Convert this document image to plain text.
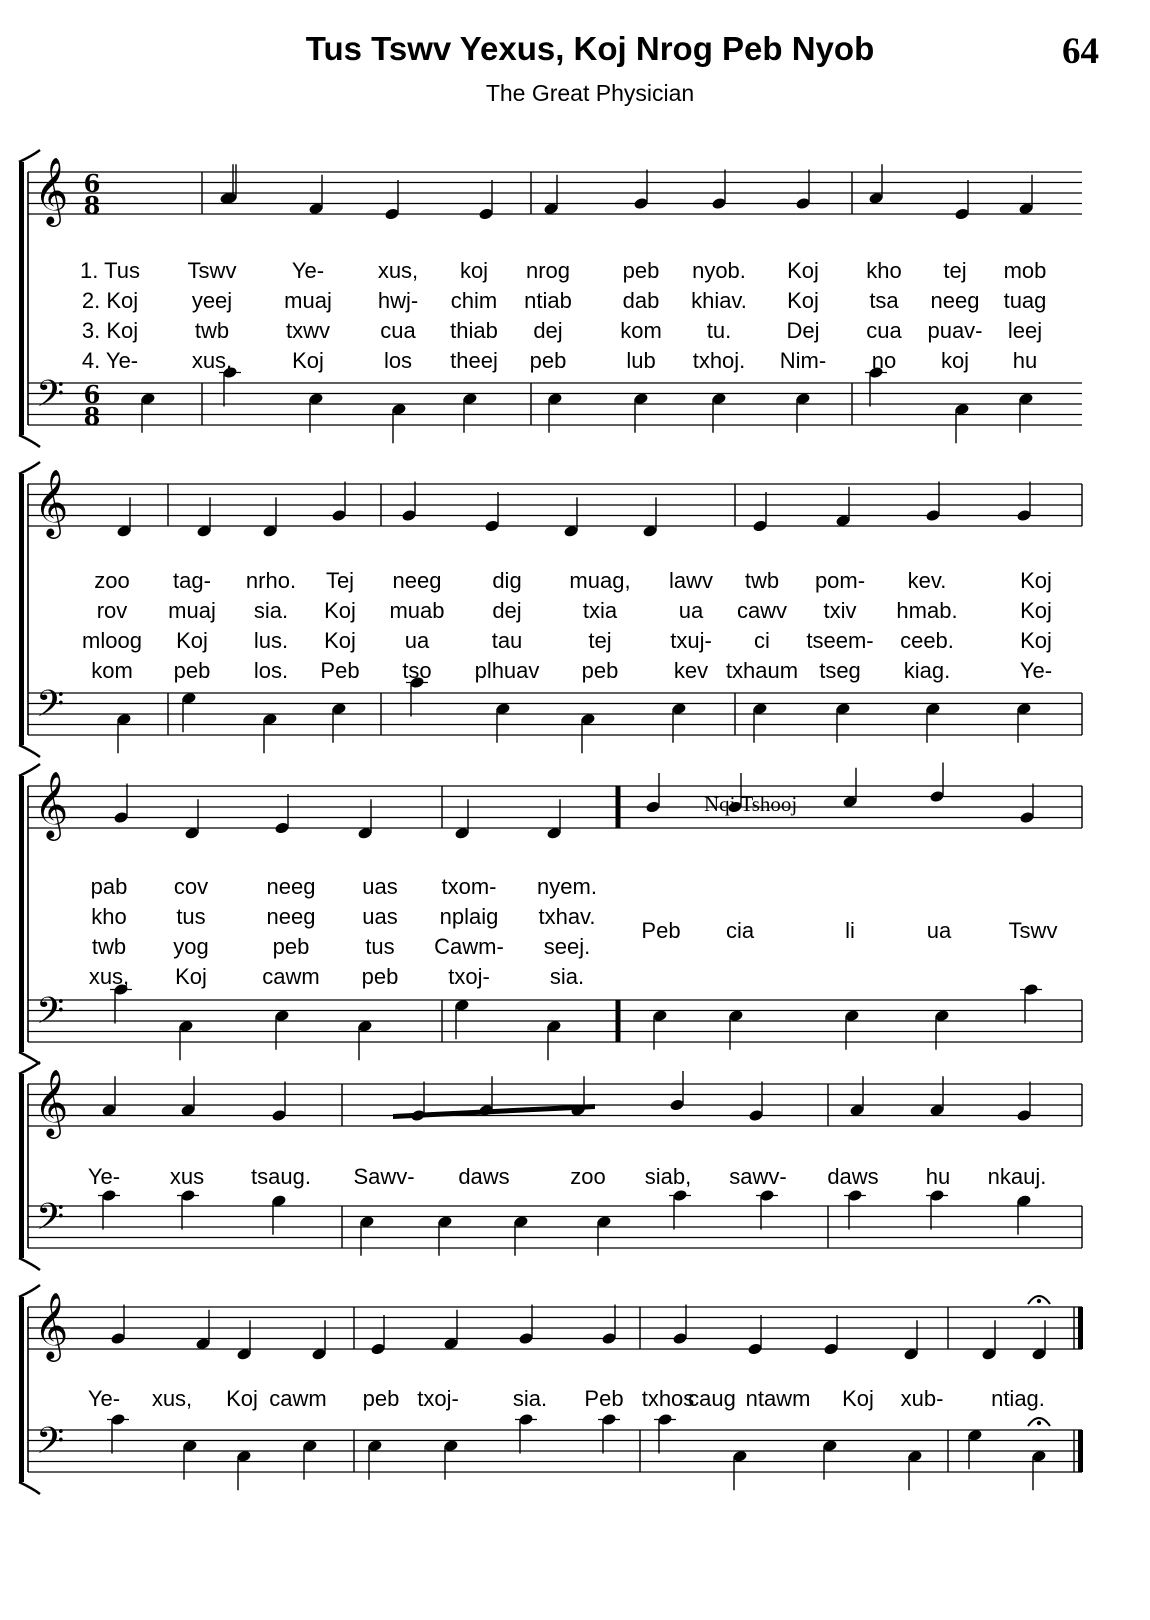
Tus Tswv Yexus, Koj Nrog Peb Nyob
The Great Physician
64
𝄞
𝄢
6
8
6
8
𝄞
𝄢
𝄞
𝄢
𝄞
𝄢
𝄞
𝄢
Nqi Tshooj
1. Tus Tswv	Ye- xus, koj nrog peb nyob. Koj kho tej mob
2. Koj yeej muaj hwj- chim ntiab dab khiav. Koj tsa neeg tuag
3. Koj	twb	txwv cua thiab dej	kom tu.	Dej cua puav- leej
4. Ye- xus,	Koj	los theej peb	lub txhoj. Nim- no koj hu
zoo tag- nrho. Tej neeg dig muag, lawv twb pom- kev.	Koj
rov muaj sia. Koj muab dej	txia	ua cawv txiv hmab.	Koj
mloog Koj lus. Koj ua	tau	tej	txuj- ci tseem- ceeb.	Koj
kom peb los. Peb tso plhuav peb	kev txhaum tseg kiag.	Ye-
pab cov	neeg uas txom- nyem.
kho tus	neeg uas nplaig txhav.
twb yog	peb	tus Cawm- seej.
xus, Koj	cawm peb txoj-	sia.
Peb cia	li	ua	Tswv
Ye- xus tsaug. Sawv- daws	zoo siab, sawv- daws hu nkauj.
Ye- xus, Koj cawm peb txoj- sia. Peb txhos
caug ntawm Koj xub- ntiag.
